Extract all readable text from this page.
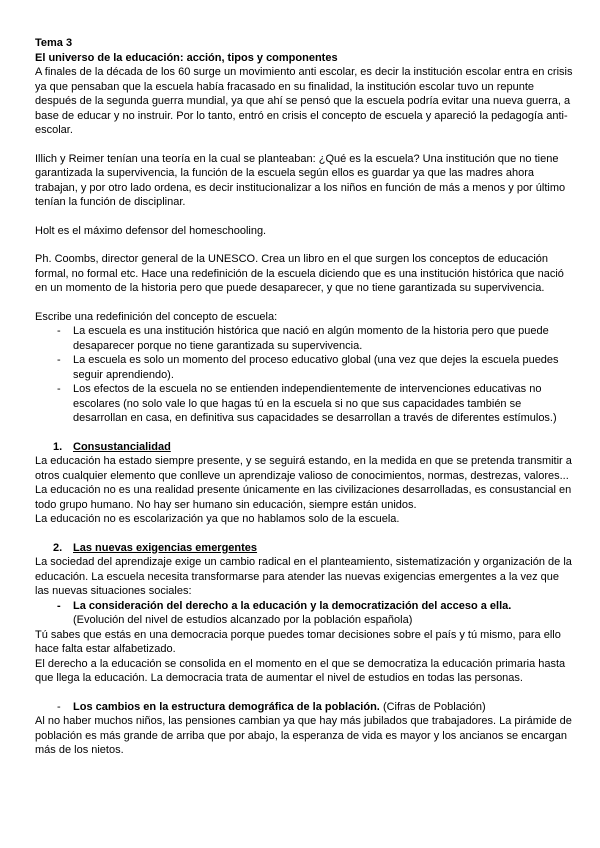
Tema 3

El universo de la educación: acción, tipos y componentes

A finales de la década de los 60 surge un movimiento anti escolar, es decir la institución escolar entra en crisis ya que pensaban que la escuela había fracasado en su finalidad, la institución escolar tuvo un repunte después de la segunda guerra mundial, ya que ahí se pensó que la escuela podría evitar una nueva guerra, a base de educar y no instruir. Por lo tanto, entró en crisis el concepto de escuela y apareció la pedagogía anti-escolar.

Illich y Reimer tenían una teoría en la cual se planteaban: ¿Qué es la escuela? Una institución que no tiene garantizada la supervivencia, la función de la escuela según ellos es guardar ya que las madres ahora trabajan, y por otro lado ordena, es decir institucionalizar a los niños en función de más a menos y por último tenían la función de disciplinar.

Holt es el máximo defensor del homeschooling.

Ph. Coombs, director general de la UNESCO. Crea un libro en el que surgen los conceptos de educación formal, no formal etc. Hace una redefinición de la escuela diciendo que es una institución histórica que nació en un momento de la historia pero que puede desaparecer, y que no tiene garantizada su supervivencia.

Escribe una redefinición del concepto de escuela:

- La escuela es una institución histórica que nació en algún momento de la historia pero que puede desaparecer porque no tiene garantizada su supervivencia.

- La escuela es solo un momento del proceso educativo global (una vez que dejes la escuela puedes seguir aprendiendo).

- Los efectos de la escuela no se entienden independientemente de intervenciones educativas no escolares (no solo vale lo que hagas tú en la escuela si no que sus capacidades también se desarrollan en casa, en definitiva sus capacidades se desarrollan a través de diferentes estímulos.)

1. Consustancialidad

La educación ha estado siempre presente, y se seguirá estando, en la medida en que se pretenda transmitir a otros cualquier elemento que conlleve un aprendizaje valioso de conocimientos, normas, destrezas, valores... La educación no es una realidad presente únicamente en las civilizaciones desarrolladas, es consustancial en todo grupo humano. No hay ser humano sin educación, siempre están unidos.

La educación no es escolarización ya que no hablamos solo de la escuela.

2. Las nuevas exigencias emergentes

La sociedad del aprendizaje exige un cambio radical en el planteamiento, sistematización y organización de la educación. La escuela necesita transformarse para atender las nuevas exigencias emergentes a la vez que las nuevas situaciones sociales:

- La consideración del derecho a la educación y la democratización del acceso a ella.

(Evolución del nivel de estudios alcanzado por la población española)

Tú sabes que estás en una democracia porque puedes tomar decisiones sobre el país y tú mismo, para ello hace falta estar alfabetizado.

El derecho a la educación se consolida en el momento en el que se democratiza la educación primaria hasta que llega la educación. La democracia trata de aumentar el nivel de estudios en todas las personas.

- Los cambios en la estructura demográfica de la población. (Cifras de Población)

Al no haber muchos niños, las pensiones cambian ya que hay más jubilados que trabajadores. La pirámide de población es más grande de arriba que por abajo, la esperanza de vida es mayor y los ancianos se encargan más de los nietos.
